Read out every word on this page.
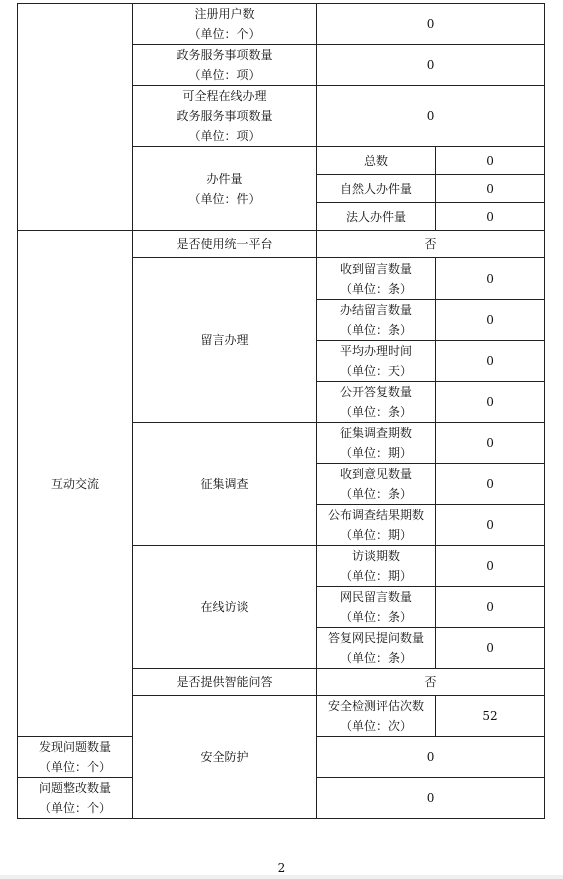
	注册用户数
（单位：个）	0	

	政务服务事项数量
（单位：项）	0	

	可全程在线办理
政务服务事项数量
（单位：项）	0	

	办件量
（单位：件）	总数	0
		自然人办件量	0
		法人办件量	0
互动交流	是否使用统一平台	否	
	留言办理	收到留言数量
（单位：条）	0

		办结留言数量
（单位：条）	0

		平均办理时间
（单位：天）	0

		公开答复数量
（单位：条）	0
	征集调查	征集调查期数
（单位：期）	0

		收到意见数量
（单位：条）	0

		公布调查结果期数
（单位：期）	0
	在线访谈	访谈期数
（单位：期）	0

		网民留言数量
（单位：条）	0

		答复网民提问数量
（单位：条）	0
	是否提供智能问答	否	
	安全防护	安全检测评估次数
（单位：次）	52

发现问题数量
（单位：个）		0	

问题整改数量
（单位：个）		0	
2
